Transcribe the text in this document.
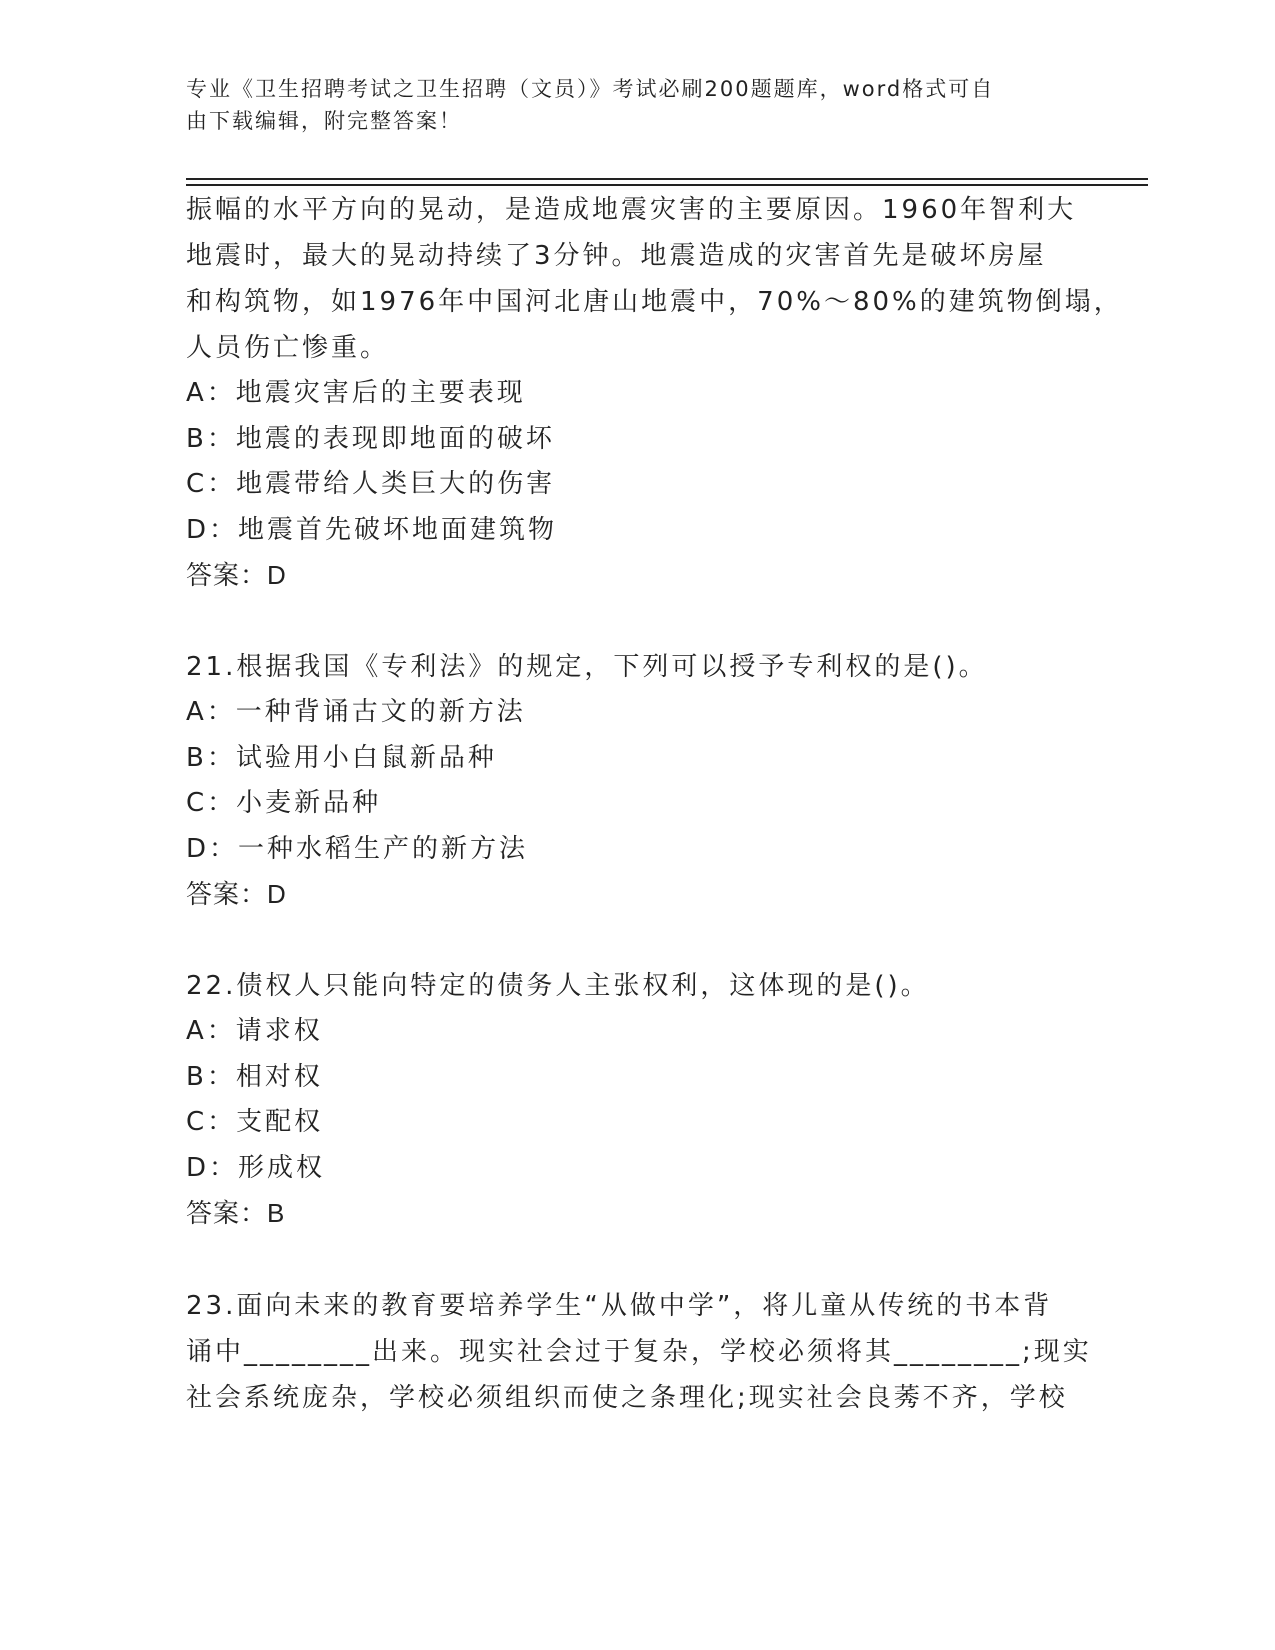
专业《卫生招聘考试之卫生招聘（文员）》考试必刷200题题库，word格式可自
由下载编辑，附完整答案！
振幅的水平方向的晃动，是造成地震灾害的主要原因。1960年智利大
地震时，最大的晃动持续了3分钟。地震造成的灾害首先是破坏房屋
和构筑物，如1976年中国河北唐山地震中，70%～80%的建筑物倒塌，
人员伤亡惨重。
A：地震灾害后的主要表现
B：地震的表现即地面的破坏
C：地震带给人类巨大的伤害
D：地震首先破坏地面建筑物
答案：D
21.根据我国《专利法》的规定，下列可以授予专利权的是()。
A：一种背诵古文的新方法
B：试验用小白鼠新品种
C：小麦新品种
D：一种水稻生产的新方法
答案：D
22.债权人只能向特定的债务人主张权利，这体现的是()。
A：请求权
B：相对权
C：支配权
D：形成权
答案：B
23.面向未来的教育要培养学生“从做中学”，将儿童从传统的书本背
诵中________出来。现实社会过于复杂，学校必须将其________;现实
社会系统庞杂，学校必须组织而使之条理化;现实社会良莠不齐，学校
